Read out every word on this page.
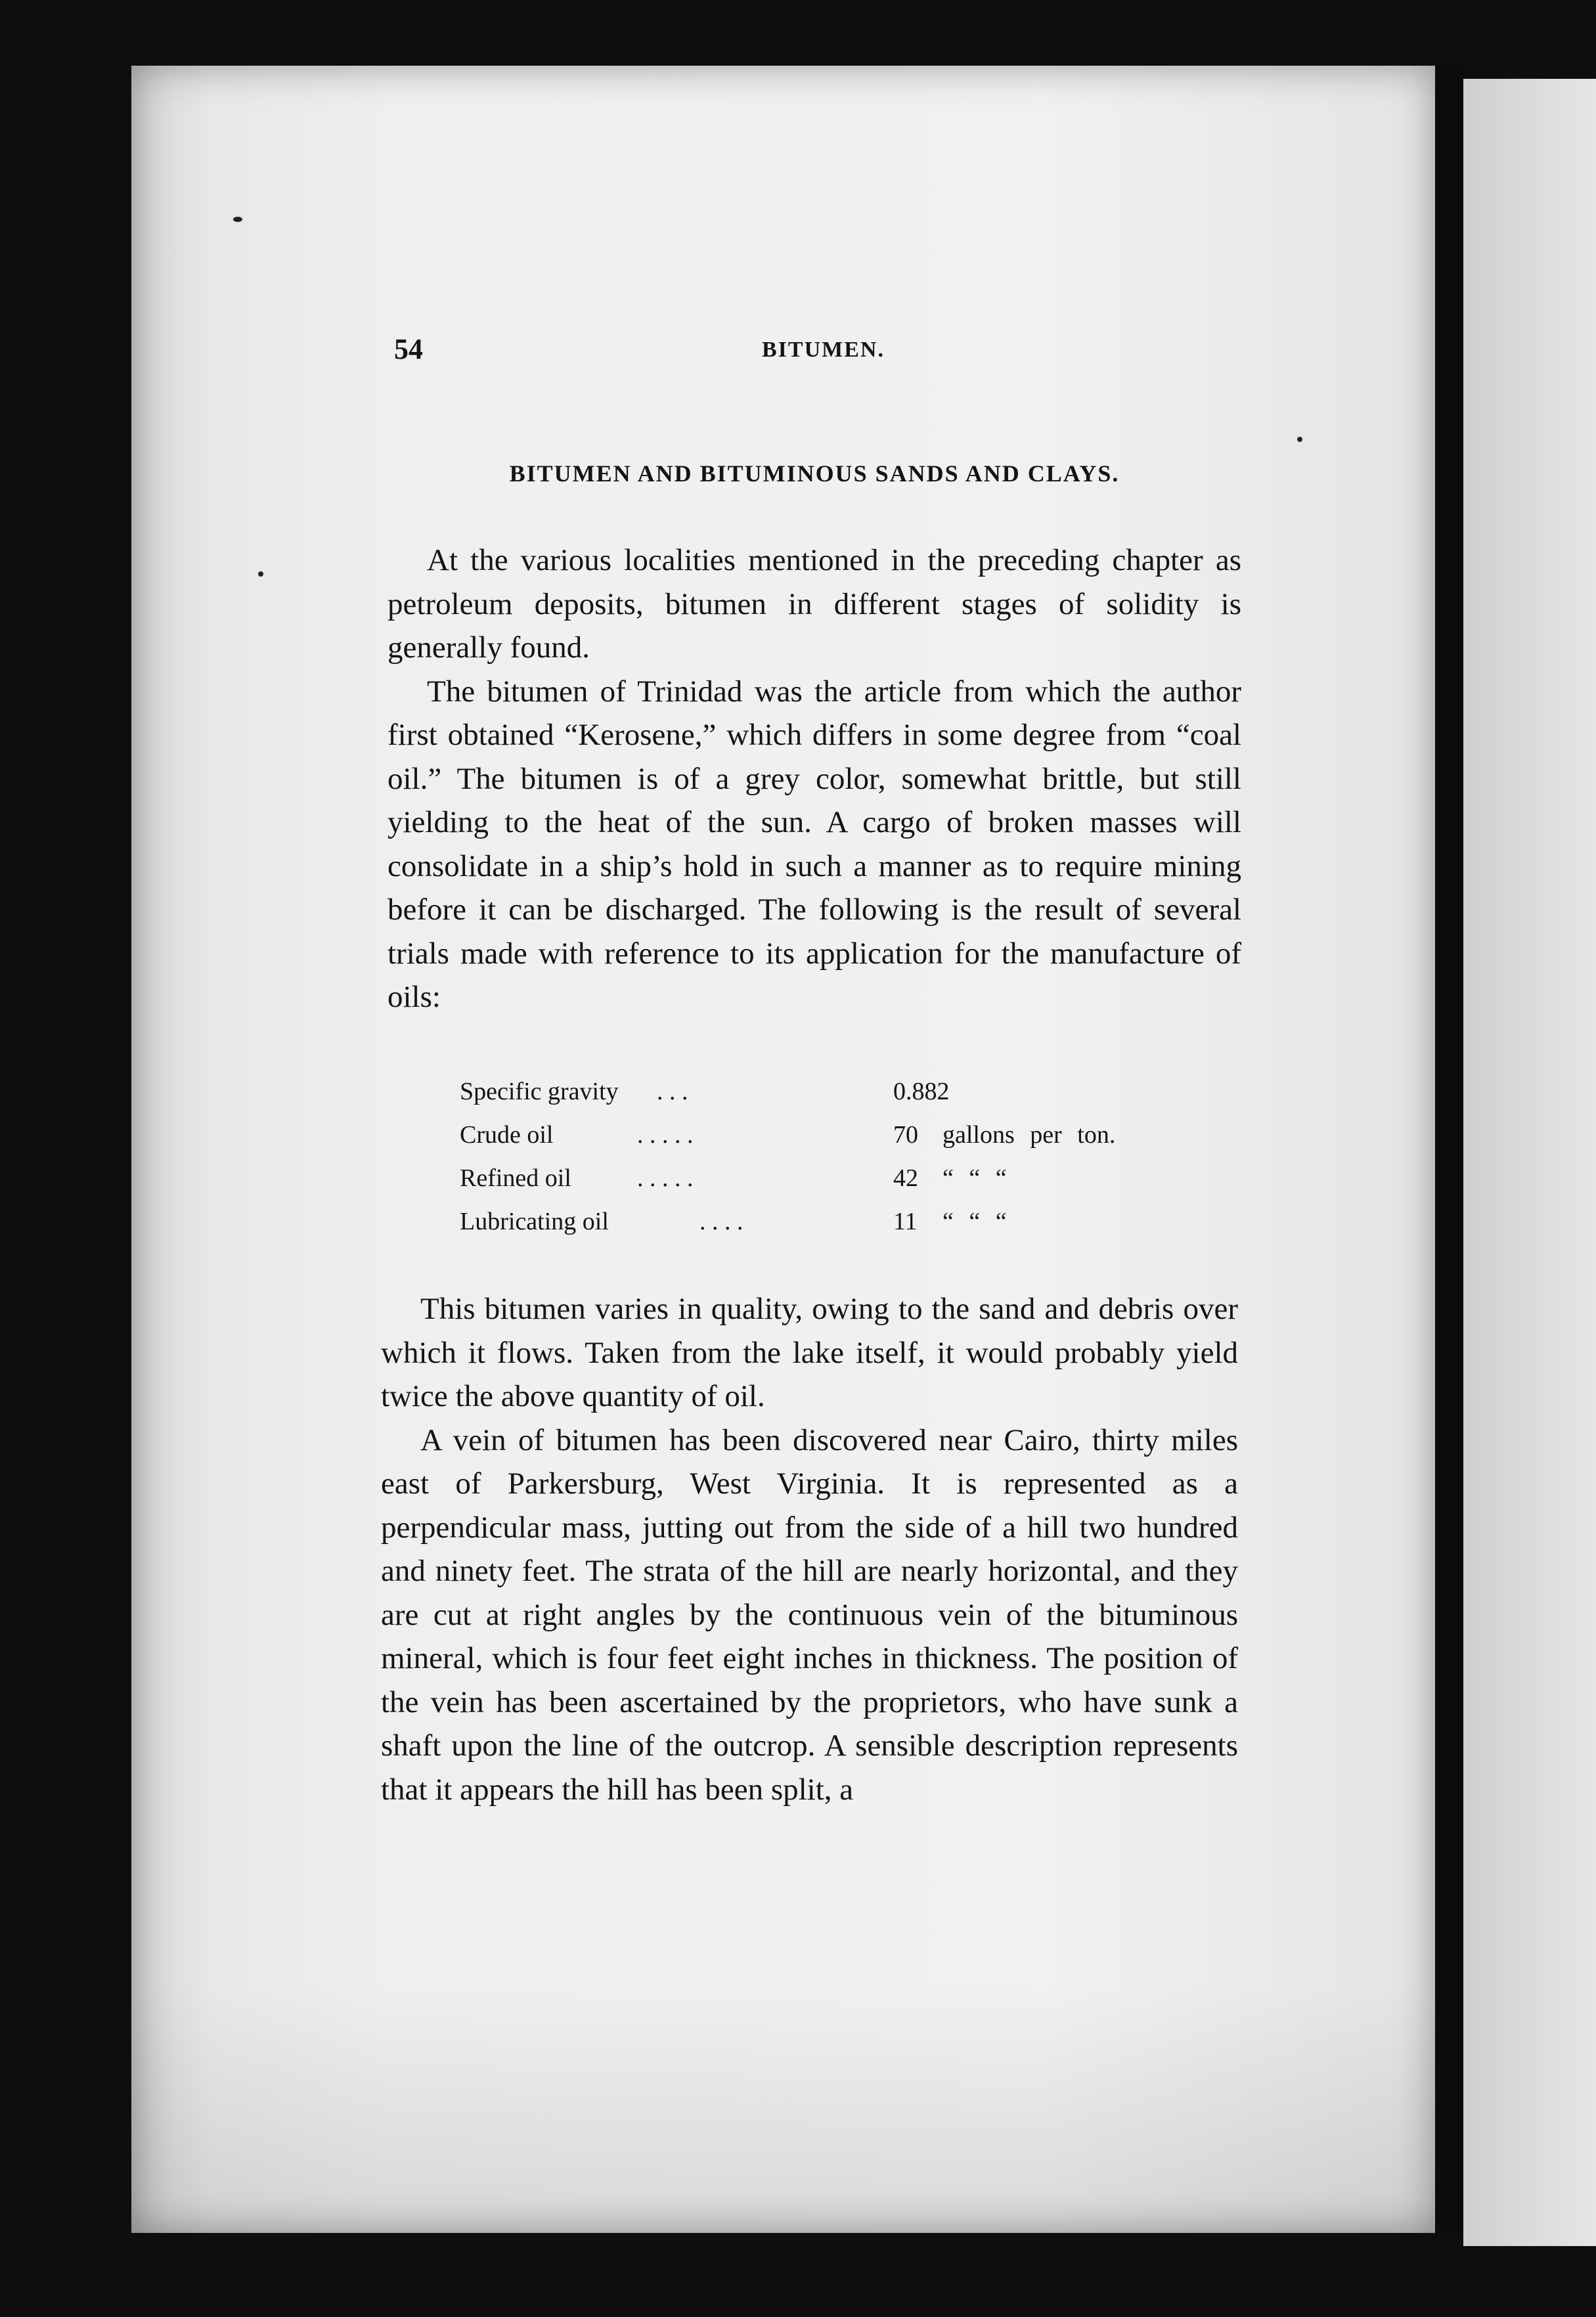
54	BITUMEN.
BITUMEN AND BITUMINOUS SANDS AND CLAYS.

At the various localities mentioned in the preceding chapter as petroleum deposits, bitumen in different stages of solidity is generally found.

The bitumen of Trinidad was the article from which the author first obtained “Kerosene,” which differs in some degree from “coal oil.” The bitumen is of a grey color, somewhat brittle, but still yielding to the heat of the sun. A cargo of broken masses will consolidate in a ship’s hold in such a manner as to require mining before it can be discharged. The following is the result of several trials made with reference to its application for the manufacture of oils:

Specific gravity . . .	0.882
Crude oil	. . . . .	70 gallons per ton.
Refined oil	. . . . .	42 “ “ “
Lubricating oil	. . . .	11 “ “ “

This bitumen varies in quality, owing to the sand and debris over which it flows. Taken from the lake itself, it would probably yield twice the above quantity of oil.

A vein of bitumen has been discovered near Cairo, thirty miles east of Parkersburg, West Virginia. It is represented as a perpendicular mass, jutting out from the side of a hill two hundred and ninety feet. The strata of the hill are nearly horizontal, and they are cut at right angles by the continuous vein of the bituminous mineral, which is four feet eight inches in thickness. The position of the vein has been ascertained by the proprietors, who have sunk a shaft upon the line of the outcrop. A sensible description represents that it appears the hill has been split, a
